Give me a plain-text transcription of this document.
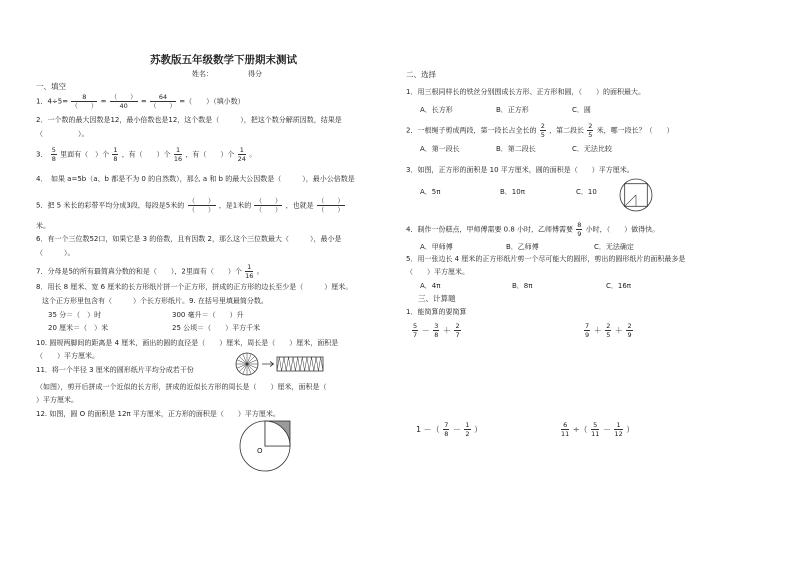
苏教版五年级数学下册期末测试
姓名：	得分
一、填空
1．4÷5=
8
（　　）
=
（　　）
40
=
64
（　　）
=（　　）（填小数）
2．一个数的最大因数是12，最小倍数也是12，这个数是（　　　），把这个数分解质因数，结果是
（　　　　　）。
3． $\frac{5}{8}$ 里面有（　）个 $\frac{1}{8}$ ，有（　　）个 $\frac{1}{16}$ ，有（　　）个 $\frac{1}{24}$ 。
4．　如果 a=5b（a、b 都是不为 0 的自然数），那么 a 和 b 的最大公因数是（　　　），最小公倍数是
5．把 5 米长的彩带平均分成3段，每段是5米的
（　　）
（　　）
，是1米的
（　　）
（　　）
，也就是
（　　）
（　　）
米。
6．有一个三位数52口，如果它是 3 的倍数，且有因数 2，那么这个三位数最大（　　　），最小是
（　　　）。
7．分母是5的所有最简真分数的和是（　　），2里面有（　　）个 $\frac{1}{16}$ 。
8．用长 8 厘米、宽 6 厘米的长方形纸片拼一个正方形，拼成的正方形的边长至少是（　　　）厘米。
这个正方形里包含有（　　　）个长方形纸片。9. 在括号里填最简分数。
35 分＝（　）时	300 毫升＝（　　）升
20 厘米＝（　）米	25 公顷＝（　　）平方千米
10. 圆规两脚间的距离是 4 厘米，画出的圆的直径是（　　）厘米，周长是（　　）厘米，面积是
（　　）平方厘米。
11．将一个半径 3 厘米的圆形纸片平均分成若干份
（如图），剪开后拼成一个近似的长方形，拼成的近似长方形的周长是（　　）厘米，面积是（
）平方厘米。
12. 如图，圆 O 的面积是 12π 平方厘米，正方形的面积是（　　）平方厘米。
O
二、选择
1．用三根同样长的铁丝分别围成长方形、正方形和圆，（　　）的面积最大。
A．长方形	B．正方形	C．圆
2．一根绳子剪成两段，第一段长占全长的 $\frac{2}{5}$ ，第二段长 $\frac{2}{5}$ 米，哪一段长？（　　）
A．第一段长	B．第二段长	C．无法比较
3．如图，正方形的面积是 10 平方厘米，圆的面积是（　　）平方厘米。
A．5π	B．10π	C．10
4．制作一份糕点，甲师傅需要 0.8 小时，乙师傅需要 $\frac{8}{9}$ 小时，（　　）做得快。
A．甲师傅	B．乙师傅	C．无法确定
5．用一张边长 4 厘米的正方形纸片剪一个尽可能大的圆形，剪出的圆形纸片的面积最多是
（　　）平方厘米。
A．4π	B．8π	C．16π
三、计算题
1．能简算的要简算
$\frac{5}{7} - \frac{3}{8} + \frac{2}{7}$	$\frac{7}{9} + \frac{2}{5} + \frac{2}{9}$
1 －（ $\frac{7}{8} - \frac{1}{2}$ ）	$\frac{6}{11}$ ÷（ $\frac{5}{11} - \frac{1}{12}$ ）
